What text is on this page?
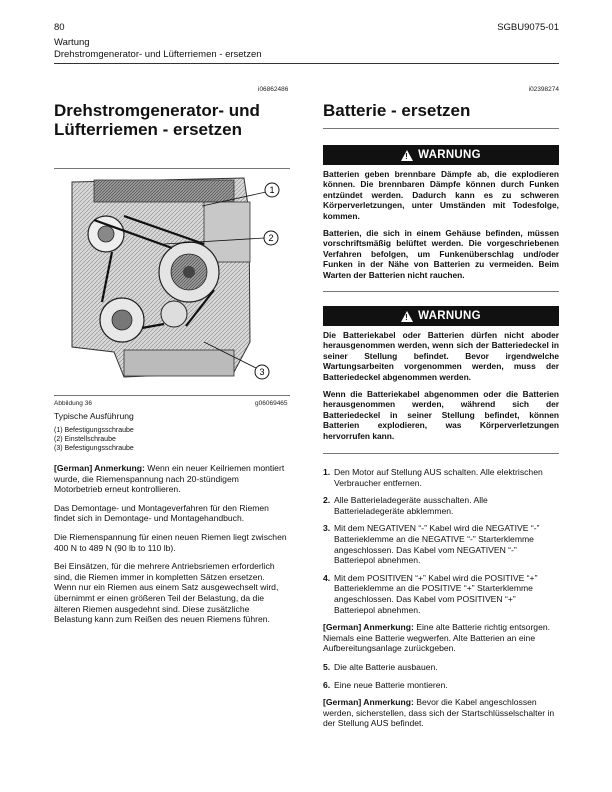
80	SGBU9075-01
Wartung
Drehstromgenerator- und Lüfterriemen - ersetzen
i06862486
Drehstromgenerator- und
Lüfterriemen - ersetzen
1
2
3
Abbildung 36	g06069465
Typische Ausführung
(1) Befestigungsschraube
(2) Einstellschraube
(3) Befestigungsschraube

[German] Anmerkung: Wenn ein neuer Keilriemen montiert wurde, die Riemenspannung nach 20-stündigem Motorbetrieb erneut kontrollieren.

Das Demontage- und Montageverfahren für den Riemen findet sich in Demontage- und Montagehandbuch.

Die Riemenspannung für einen neuen Riemen liegt zwischen 400 N to 489 N (90 lb to 110 lb).

Bei Einsätzen, für die mehrere Antriebsriemen erforderlich sind, die Riemen immer in kompletten Sätzen ersetzen. Wenn nur ein Riemen aus einem Satz ausgewechselt wird, übernimmt er einen größeren Teil der Belastung, da die älteren Riemen ausgedehnt sind. Diese zusätzliche Belastung kann zum Reißen des neuen Riemens führen.

i02398274
Batterie - ersetzen
! WARNUNG

Batterien geben brennbare Dämpfe ab, die explodieren können. Die brennbaren Dämpfe können durch Funken entzündet werden. Dadurch kann es zu schweren Körperverletzungen, unter Umständen mit Todesfolge, kommen.

Batterien, die sich in einem Gehäuse befinden, müssen vorschriftsmäßig belüftet werden. Die vorgeschriebenen Verfahren befolgen, um Funkenüberschlag und/oder Funken in der Nähe von Batterien zu vermeiden. Beim Warten der Batterien nicht rauchen.

! WARNUNG

Die Batteriekabel oder Batterien dürfen nicht aboder herausgenommen werden, wenn sich der Batteriedeckel in seiner Stellung befindet. Bevor irgendwelche Wartungsarbeiten vorgenommen werden, muss der Batteriedeckel abgenommen werden.

Wenn die Batteriekabel abgenommen oder die Batterien herausgenommen werden, während sich der Batteriedeckel in seiner Stellung befindet, können Batterien explodieren, was Körperverletzungen hervorrufen kann.

1. Den Motor auf Stellung AUS schalten. Alle elektrischen Verbraucher entfernen.
2. Alle Batterieladegeräte ausschalten. Alle Batterieladegeräte abklemmen.
3. Mit dem NEGATIVEN “-” Kabel wird die NEGATIVE “-” Batterieklemme an die NEGATIVE “-” Starterklemme angeschlossen. Das Kabel vom NEGATIVEN “-” Batteriepol abnehmen.
4. Mit dem POSITIVEN “+” Kabel wird die POSITIVE “+” Batterieklemme an die POSITIVE “+” Starterklemme angeschlossen. Das Kabel vom POSITIVEN “+” Batteriepol abnehmen.

[German] Anmerkung: Eine alte Batterie richtig entsorgen. Niemals eine Batterie wegwerfen. Alte Batterien an eine Aufbereitungsanlage zurückgeben.

5. Die alte Batterie ausbauen.
6. Eine neue Batterie montieren.

[German] Anmerkung: Bevor die Kabel angeschlossen werden, sicherstellen, dass sich der Startschlüsselschalter in der Stellung AUS befindet.
